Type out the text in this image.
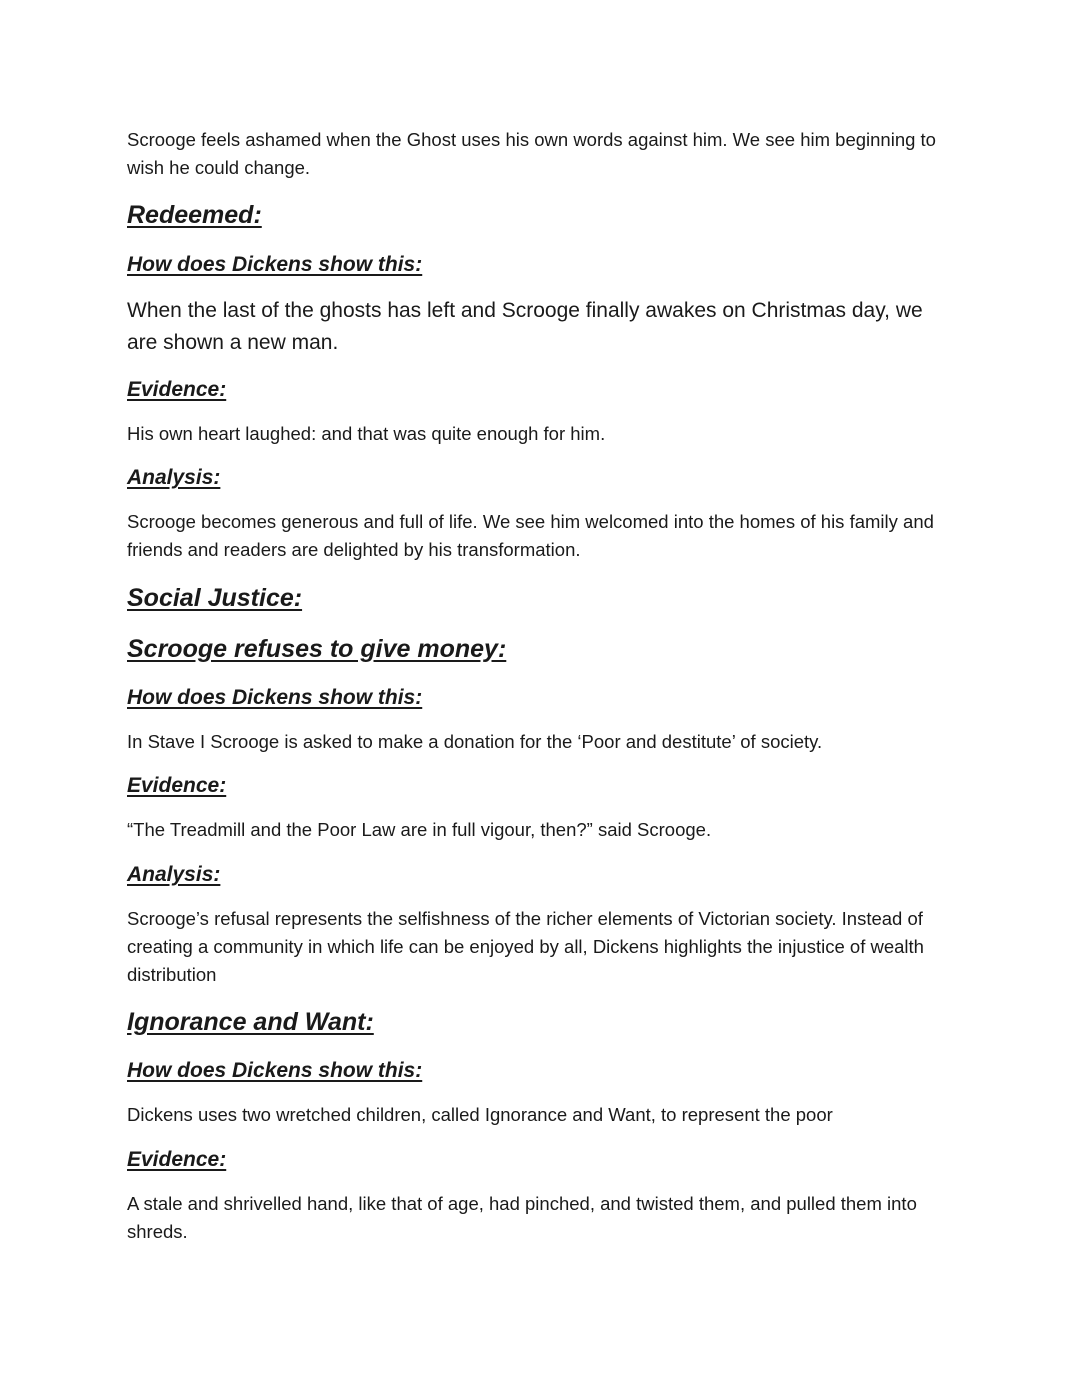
Scrooge feels ashamed when the Ghost uses his own words against him. We see him beginning to wish he could change.

Redeemed:
How does Dickens show this:

When the last of the ghosts has left and Scrooge finally awakes on Christmas day, we are shown a new man.

Evidence:

His own heart laughed: and that was quite enough for him.

Analysis:

Scrooge becomes generous and full of life. We see him welcomed into the homes of his family and friends and readers are delighted by his transformation.

Social Justice:
Scrooge refuses to give money:
How does Dickens show this:

In Stave I Scrooge is asked to make a donation for the ‘Poor and destitute’ of society.

Evidence:

“The Treadmill and the Poor Law are in full vigour, then?” said Scrooge.

Analysis:

Scrooge’s refusal represents the selfishness of the richer elements of Victorian society. Instead of creating a community in which life can be enjoyed by all, Dickens highlights the injustice of wealth distribution

Ignorance and Want:
How does Dickens show this:

Dickens uses two wretched children, called Ignorance and Want, to represent the poor

Evidence:

A stale and shrivelled hand, like that of age, had pinched, and twisted them, and pulled them into shreds.
